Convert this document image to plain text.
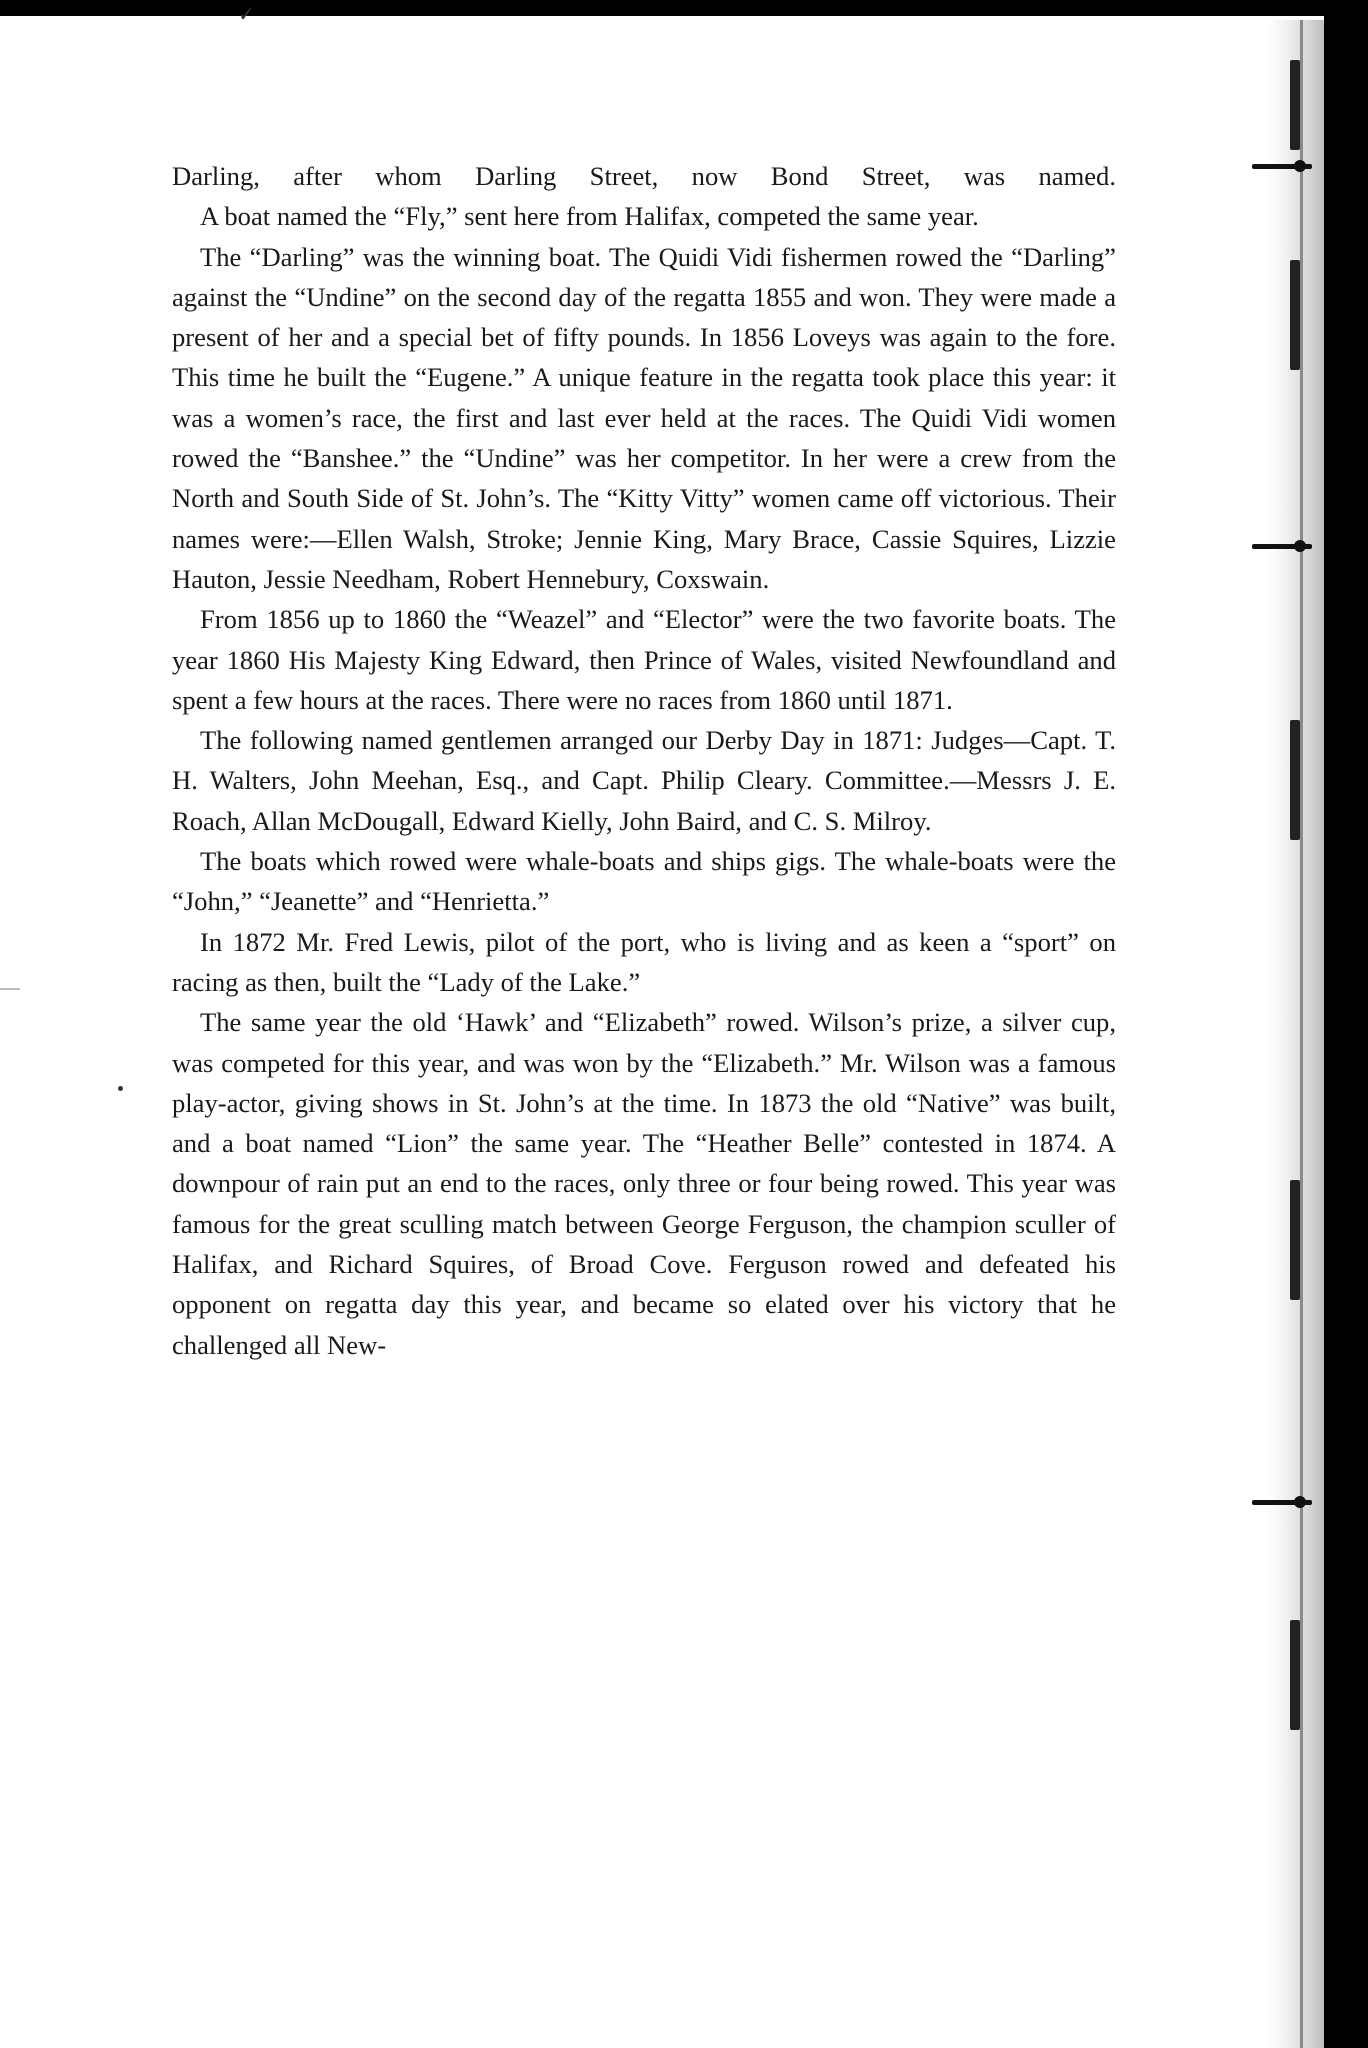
✓

Darling, after whom Darling Street, now Bond Street, was named.

A boat named the “Fly,” sent here from Halifax, competed the same year.

The “Darling” was the winning boat. The Quidi Vidi fishermen rowed the “Darling” against the “Undine” on the second day of the regatta 1855 and won. They were made a present of her and a special bet of fifty pounds. In 1856 Loveys was again to the fore. This time he built the “Eugene.” A unique feature in the regatta took place this year: it was a women’s race, the first and last ever held at the races. The Quidi Vidi women rowed the “Banshee.” the “Undine” was her competitor. In her were a crew from the North and South Side of St. John’s. The “Kitty Vitty” women came off victorious. Their names were:—Ellen Walsh, Stroke; Jennie King, Mary Brace, Cassie Squires, Lizzie Hauton, Jessie Needham, Robert Hennebury, Coxswain.

From 1856 up to 1860 the “Weazel” and “Elector” were the two favorite boats. The year 1860 His Majesty King Edward, then Prince of Wales, visited Newfoundland and spent a few hours at the races. There were no races from 1860 until 1871.

The following named gentlemen arranged our Derby Day in 1871: Judges—Capt. T. H. Walters, John Meehan, Esq., and Capt. Philip Cleary. Committee.—Messrs J. E. Roach, Allan McDougall, Edward Kielly, John Baird, and C. S. Milroy.

The boats which rowed were whale-boats and ships gigs. The whale-boats were the “John,” “Jeanette” and “Henrietta.”

In 1872 Mr. Fred Lewis, pilot of the port, who is living and as keen a “sport” on racing as then, built the “Lady of the Lake.”

The same year the old ‘Hawk’ and “Elizabeth” rowed. Wilson’s prize, a silver cup, was competed for this year, and was won by the “Elizabeth.” Mr. Wilson was a famous play-actor, giving shows in St. John’s at the time. In 1873 the old “Native” was built, and a boat named “Lion” the same year. The “Heather Belle” contested in 1874. A downpour of rain put an end to the races, only three or four being rowed. This year was famous for the great sculling match between George Ferguson, the champion sculler of Halifax, and Richard Squires, of Broad Cove. Ferguson rowed and defeated his opponent on regatta day this year, and became so elated over his victory that he challenged all New-
